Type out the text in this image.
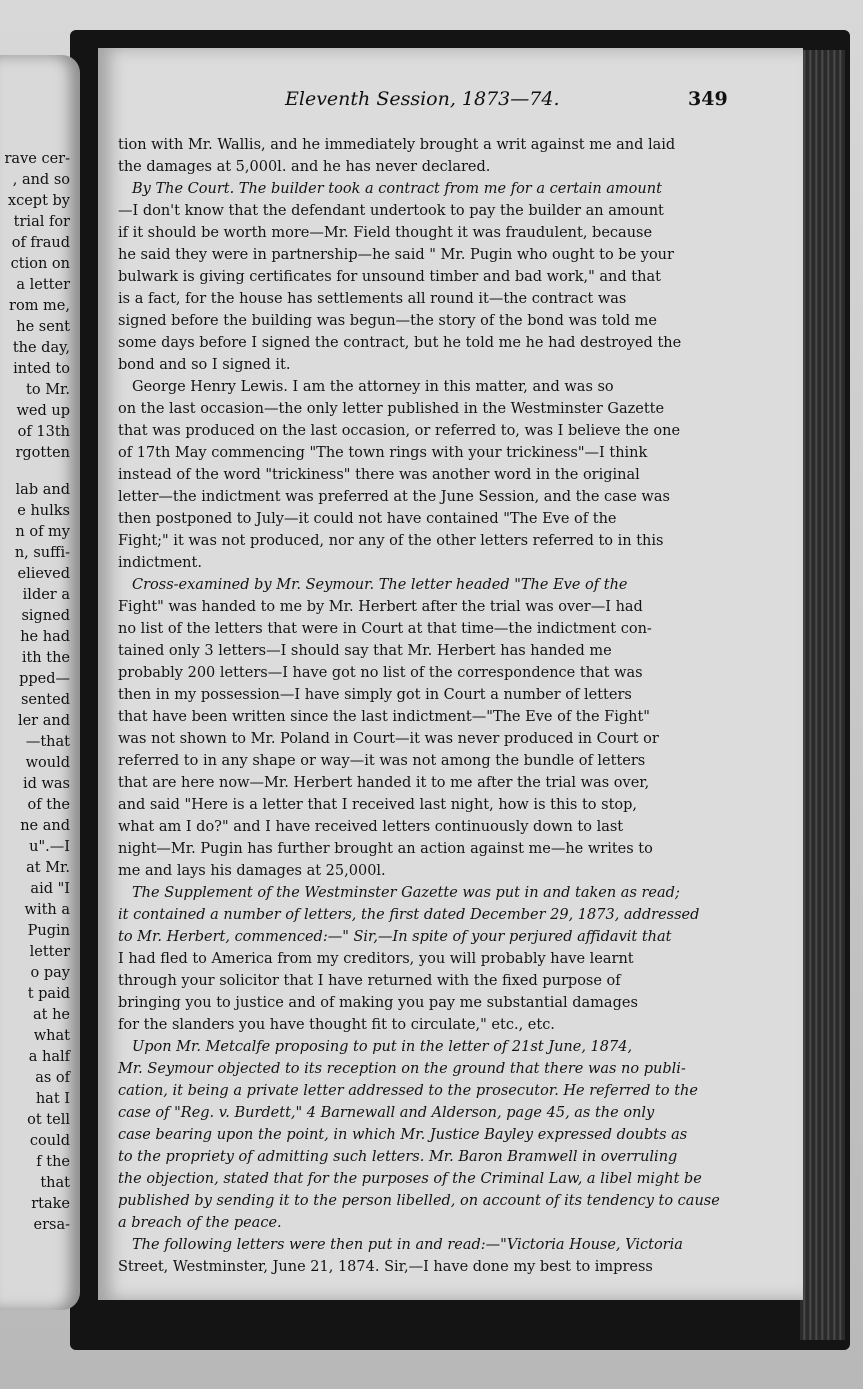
rave cer-
, and so
xcept by
trial for
of fraud
ction on
a letter
rom me,
he sent
the day,
inted to
to Mr.
wed up
of 13th
rgotten
lab and
e hulks
n of my
n, suffi-
elieved
ilder a
signed
he had
ith the
pped—
sented
ler and
—that
would
id was
of the
ne and
u".—I
at Mr.
aid "I
with a
Pugin
letter
o pay
t paid
at he
what
a half
as of
hat I
ot tell
could
f the
that
rtake
ersa-
Eleventh Session, 1873—74.	349
tion with Mr. Wallis, and he immediately brought a writ against me and laid
the damages at 5,000l. and he has never declared.
By The Court. The builder took a contract from me for a certain amount
—I don't know that the defendant undertook to pay the builder an amount
if it should be worth more—Mr. Field thought it was fraudulent, because
he said they were in partnership—he said " Mr. Pugin who ought to be your
bulwark is giving certificates for unsound timber and bad work," and that
is a fact, for the house has settlements all round it—the contract was
signed before the building was begun—the story of the bond was told me
some days before I signed the contract, but he told me he had destroyed the
bond and so I signed it.
George Henry Lewis. I am the attorney in this matter, and was so
on the last occasion—the only letter published in the Westminster Gazette
that was produced on the last occasion, or referred to, was I believe the one
of 17th May commencing "The town rings with your trickiness"—I think
instead of the word "trickiness" there was another word in the original
letter—the indictment was preferred at the June Session, and the case was
then postponed to July—it could not have contained "The Eve of the
Fight;" it was not produced, nor any of the other letters referred to in this
indictment.
Cross-examined by Mr. Seymour. The letter headed "The Eve of the
Fight" was handed to me by Mr. Herbert after the trial was over—I had
no list of the letters that were in Court at that time—the indictment con-
tained only 3 letters—I should say that Mr. Herbert has handed me
probably 200 letters—I have got no list of the correspondence that was
then in my possession—I have simply got in Court a number of letters
that have been written since the last indictment—"The Eve of the Fight"
was not shown to Mr. Poland in Court—it was never produced in Court or
referred to in any shape or way—it was not among the bundle of letters
that are here now—Mr. Herbert handed it to me after the trial was over,
and said "Here is a letter that I received last night, how is this to stop,
what am I do?" and I have received letters continuously down to last
night—Mr. Pugin has further brought an action against me—he writes to
me and lays his damages at 25,000l.
The Supplement of the Westminster Gazette was put in and taken as read;
it contained a number of letters, the first dated December 29, 1873, addressed
to Mr. Herbert, commenced:—" Sir,—In spite of your perjured affidavit that
I had fled to America from my creditors, you will probably have learnt
through your solicitor that I have returned with the fixed purpose of
bringing you to justice and of making you pay me substantial damages
for the slanders you have thought fit to circulate," etc., etc.
Upon Mr. Metcalfe proposing to put in the letter of 21st June, 1874,
Mr. Seymour objected to its reception on the ground that there was no publi-
cation, it being a private letter addressed to the prosecutor. He referred to the
case of "Reg. v. Burdett," 4 Barnewall and Alderson, page 45, as the only
case bearing upon the point, in which Mr. Justice Bayley expressed doubts as
to the propriety of admitting such letters. Mr. Baron Bramwell in overruling
the objection, stated that for the purposes of the Criminal Law, a libel might be
published by sending it to the person libelled, on account of its tendency to cause
a breach of the peace.
The following letters were then put in and read:—"Victoria House, Victoria
Street, Westminster, June 21, 1874. Sir,—I have done my best to impress
